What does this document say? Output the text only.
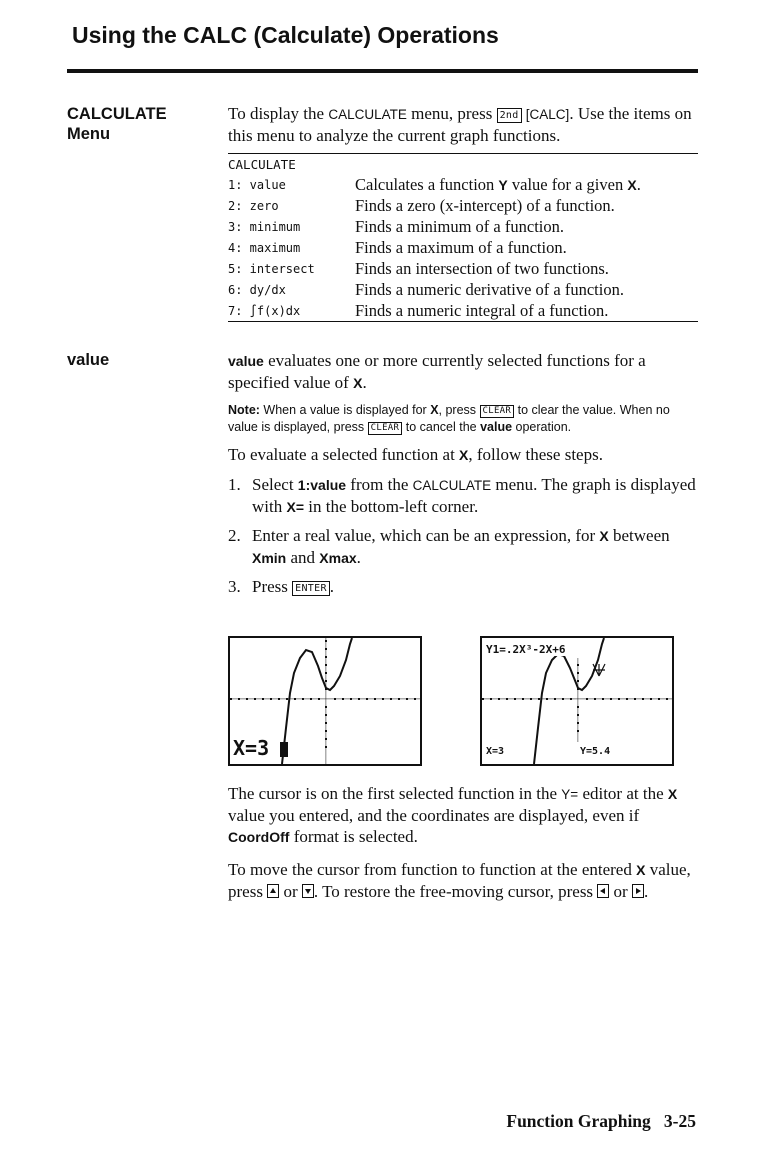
Using the CALC (Calculate) Operations
CALCULATE
Menu

To display the CALCULATE menu, press 2nd [CALC]. Use the items on this menu to analyze the current graph functions.

CALCULATE
1: value	Calculates a function Y value for a given X.
2: zero	Finds a zero (x-intercept) of a function.
3: minimum	Finds a minimum of a function.
4: maximum	Finds a maximum of a function.
5: intersect	Finds an intersection of two functions.
6: dy/dx	Finds a numeric derivative of a function.
7: ∫f(x)dx	Finds a numeric integral of a function.
value	value evaluates one or more currently selected functions for a specified value of X.

Note: When a value is displayed for X, press CLEAR to clear the value. When no value is displayed, press CLEAR to cancel the value operation.

To evaluate a selected function at X, follow these steps.

1. Select 1:value from the CALCULATE menu. The graph is displayed with X= in the bottom-left corner.
2. Enter a real value, which can be an expression, for X between Xmin and Xmax.
3. Press ENTER .
X=3
Y1=.2X³-2X+6
X=3	Y=5.4

The cursor is on the first selected function in the Y= editor at the X value you entered, and the coordinates are displayed, even if CoordOff format is selected.

To move the cursor from function to function at the entered X value, press
or
. To restore the free-moving cursor, press
or
.

Function Graphing 3-25
